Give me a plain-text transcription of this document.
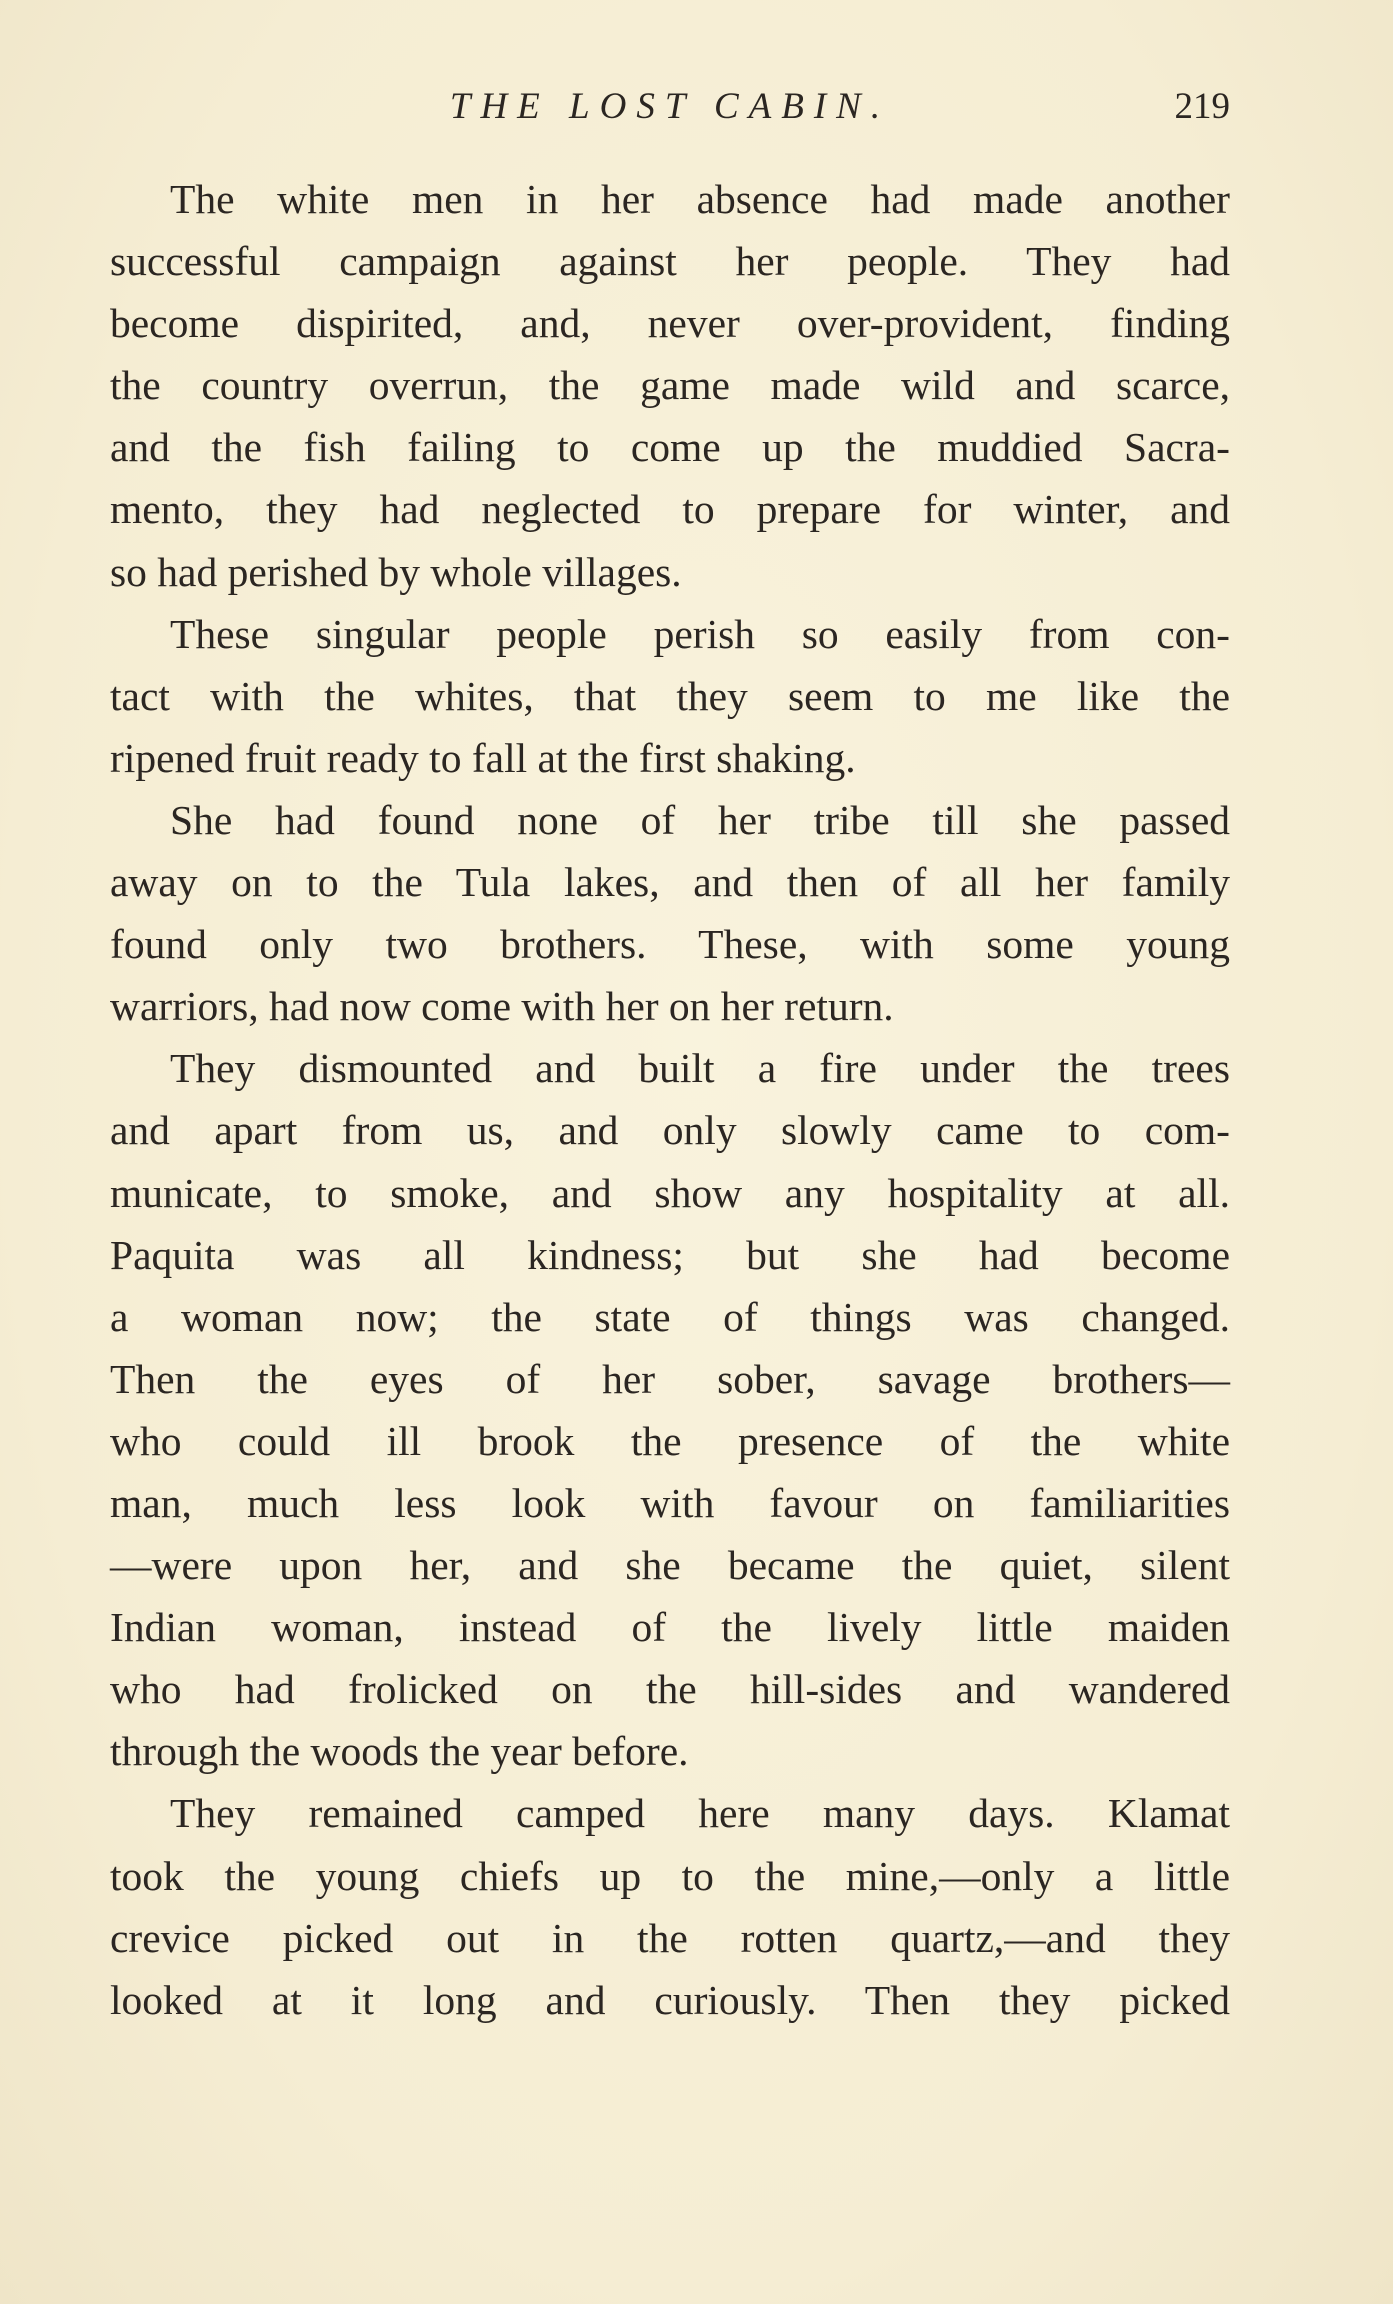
THE LOST CABIN.	219
The white men in her absence had made another
successful campaign against her people. They had
become dispirited, and, never over-provident, finding
the country overrun, the game made wild and scarce,
and the fish failing to come up the muddied Sacra-
mento, they had neglected to prepare for winter, and
so had perished by whole villages.
These singular people perish so easily from con-
tact with the whites, that they seem to me like the
ripened fruit ready to fall at the first shaking.
She had found none of her tribe till she passed
away on to the Tula lakes, and then of all her family
found only two brothers. These, with some young
warriors, had now come with her on her return.
They dismounted and built a fire under the trees
and apart from us, and only slowly came to com-
municate, to smoke, and show any hospitality at all.
Paquita was all kindness; but she had become
a woman now; the state of things was changed.
Then the eyes of her sober, savage brothers—
who could ill brook the presence of the white
man, much less look with favour on familiarities
—were upon her, and she became the quiet, silent
Indian woman, instead of the lively little maiden
who had frolicked on the hill-sides and wandered
through the woods the year before.
They remained camped here many days. Klamat
took the young chiefs up to the mine,—only a little
crevice picked out in the rotten quartz,—and they
looked at it long and curiously. Then they picked
